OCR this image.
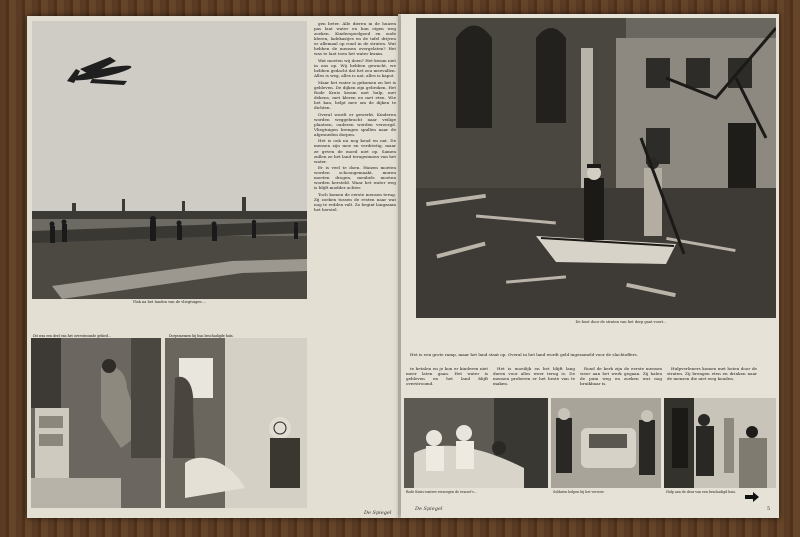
Vlak na het landen van de vliegtuigen ...

gen beter. Alle dieren in de huizen pas laat water en hun eigen weg zoeken. Kinderspeelgoed en oude kleren, ladekastjes en de tafel drijven er allemaal op rond in de straten. Wat hebben de mensen overgelaten? Het was te laat toen het water kwam.

Wat moeten wij doen? Het kwam niet in ons op. Wij hebben gewacht, we hebben gedacht dat het zou meevallen. Alles is weg, alles is nat, alles is kapot.

Maar het water is gekomen en het is gebleven. De dijken zijn gebroken. Het Rode Kruis kwam met hulp, met dekens, met kleren en met eten. Wie het kan, helpt mee om de dijken te dichten.

Overal wordt er gewerkt. Kinderen worden weggebracht naar veilige plaatsen, ouderen worden verzorgd. Vliegtuigen brengen spullen naar de afgesneden dorpen.

Het is ook nu nog koud en nat. De mensen zijn moe en verdrietig, maar ze geven de moed niet op. Samen zullen ze het land terugwinnen van het water.

Er is veel te doen. Huizen moeten worden schoongemaakt, muren moeten drogen, meubels moeten worden hersteld. Waar het water weg is blijft modder achter.

Toch komen de eerste mensen terug. Zij zoeken tussen de resten naar wat nog te redden valt. Zo begint langzaam het herstel.

Dit was een deel van het overstroomde gebied...	Dorpsmensen bij hun beschadigde huis.
De Spiegel
De boot door de straten van het dorp gaat voort...

te betalen en je kon er kinderen niet meer laten gaan. Het water is gebleven en het land blijft overstroomd.

Het is moeilijk en het blijft lang duren voor alles weer terug is. De mensen proberen er het beste van te maken.

Rond de kerk zijn de eerste mensen weer aan het werk gegaan. Zij halen de puin weg en zoeken wat nog bruikbaar is.

Hulpverleners komen met boten door de straten. Zij brengen eten en drinken naar de mensen die niet weg konden.

Het is een grote ramp, maar het land staat op. Overal in het land wordt geld ingezameld voor de slachtoffers.

Rode Kruis-zusters verzorgen de evacué's...	Soldaten helpen bij het vervoer.	Hulp aan de deur van een beschadigd huis.
De Spiegel	5
